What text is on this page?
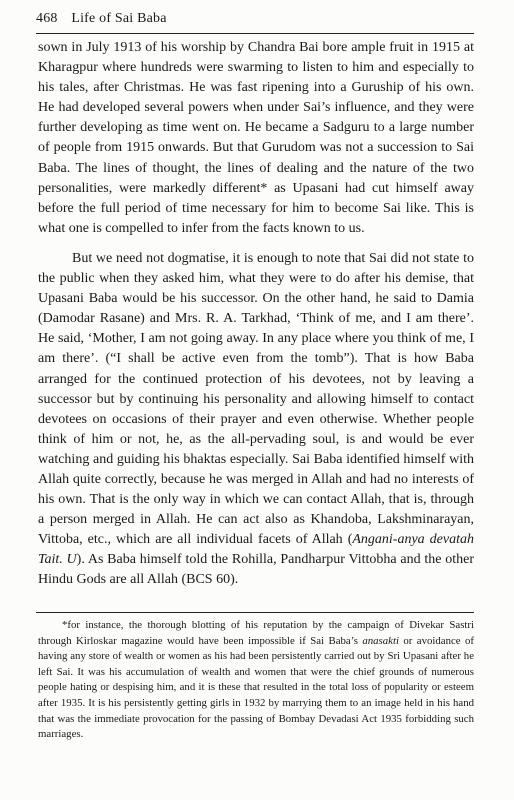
468 Life of Sai Baba

sown in July 1913 of his worship by Chandra Bai bore ample fruit in 1915 at Kharagpur where hundreds were swarming to listen to him and especially to his tales, after Christmas. He was fast ripening into a Guruship of his own. He had developed several powers when under Sai’s influence, and they were further developing as time went on. He became a Sadguru to a large number of people from 1915 onwards. But that Gurudom was not a succession to Sai Baba. The lines of thought, the lines of dealing and the nature of the two personalities, were markedly different* as Upasani had cut himself away before the full period of time necessary for him to become Sai like. This is what one is compelled to infer from the facts known to us.

But we need not dogmatise, it is enough to note that Sai did not state to the public when they asked him, what they were to do after his demise, that Upasani Baba would be his successor. On the other hand, he said to Damia (Damodar Rasane) and Mrs. R. A. Tarkhad, ‘Think of me, and I am there’. He said, ‘Mother, I am not going away. In any place where you think of me, I am there’. (“I shall be active even from the tomb”). That is how Baba arranged for the continued protection of his devotees, not by leaving a successor but by continuing his personality and allowing himself to contact devotees on occasions of their prayer and even otherwise. Whether people think of him or not, he, as the all-pervading soul, is and would be ever watching and guiding his bhaktas especially. Sai Baba identified himself with Allah quite correctly, because he was merged in Allah and had no interests of his own. That is the only way in which we can contact Allah, that is, through a person merged in Allah. He can act also as Khandoba, Lakshminarayan, Vittoba, etc., which are all individual facets of Allah (Angani-anya devatah Tait. U). As Baba himself told the Rohilla, Pandharpur Vittobha and the other Hindu Gods are all Allah (BCS 60).

*for instance, the thorough blotting of his reputation by the campaign of Divekar Sastri through Kirloskar magazine would have been impossible if Sai Baba’s anasakti or avoidance of having any store of wealth or women as his had been persistently carried out by Sri Upasani after he left Sai. It was his accumulation of wealth and women that were the chief grounds of numerous people hating or despising him, and it is these that resulted in the total loss of popularity or esteem after 1935. It is his persistently getting girls in 1932 by marrying them to an image held in his hand that was the immediate provocation for the passing of Bombay Devadasi Act 1935 forbidding such marriages.
